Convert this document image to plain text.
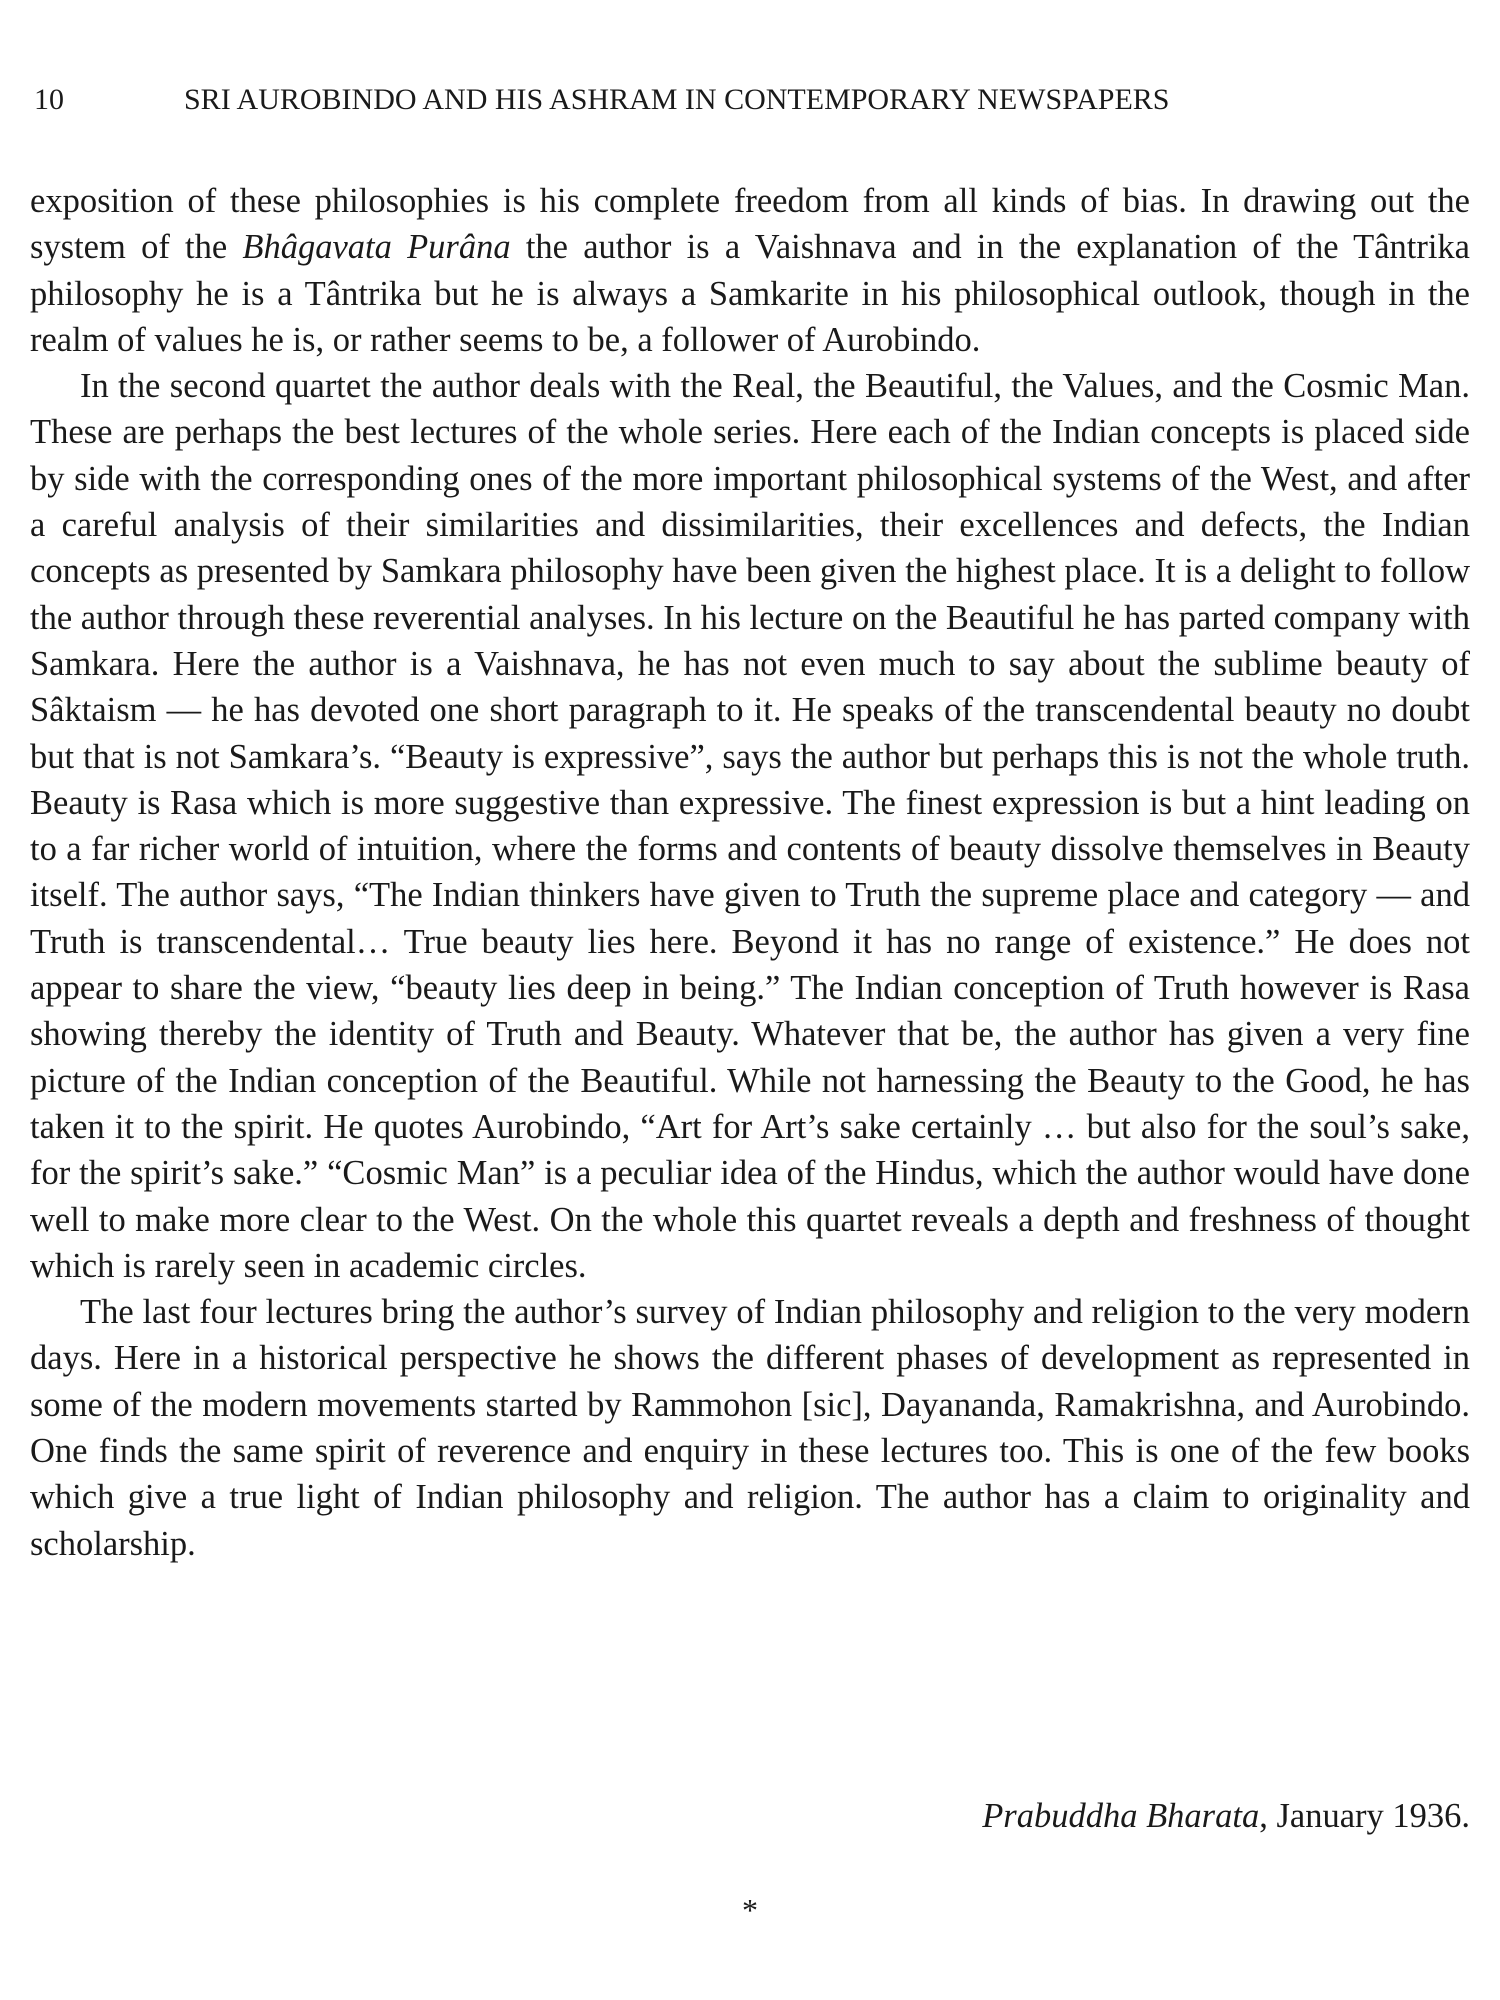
10	SRI AUROBINDO AND HIS ASHRAM IN CONTEMPORARY NEWSPAPERS

exposition of these philosophies is his complete freedom from all kinds of bias. In drawing out the system of the Bhâgavata Purâna the author is a Vaishnava and in the explanation of the Tântrika philosophy he is a Tântrika but he is always a Samkarite in his philosophical outlook, though in the realm of values he is, or rather seems to be, a follower of Aurobindo.

In the second quartet the author deals with the Real, the Beautiful, the Values, and the Cosmic Man. These are perhaps the best lectures of the whole series. Here each of the Indian concepts is placed side by side with the corresponding ones of the more important philosophical systems of the West, and after a careful analysis of their similarities and dissimilarities, their excellences and defects, the Indian concepts as presented by Samkara philosophy have been given the highest place. It is a delight to follow the author through these reverential analyses. In his lecture on the Beautiful he has parted company with Samkara. Here the author is a Vaishnava, he has not even much to say about the sublime beauty of Sâktaism — he has devoted one short paragraph to it. He speaks of the transcendental beauty no doubt but that is not Samkara’s. “Beauty is expressive”, says the author but perhaps this is not the whole truth. Beauty is Rasa which is more suggestive than expressive. The finest expression is but a hint leading on to a far richer world of intuition, where the forms and contents of beauty dissolve themselves in Beauty itself. The author says, “The Indian thinkers have given to Truth the supreme place and category — and Truth is transcendental… True beauty lies here. Beyond it has no range of existence.” He does not appear to share the view, “beauty lies deep in being.” The Indian conception of Truth however is Rasa showing thereby the identity of Truth and Beauty. Whatever that be, the author has given a very fine picture of the Indian conception of the Beautiful. While not harnessing the Beauty to the Good, he has taken it to the spirit. He quotes Aurobindo, “Art for Art’s sake certainly … but also for the soul’s sake, for the spirit’s sake.” “Cosmic Man” is a peculiar idea of the Hindus, which the author would have done well to make more clear to the West. On the whole this quartet reveals a depth and freshness of thought which is rarely seen in academic circles.

The last four lectures bring the author’s survey of Indian philosophy and religion to the very modern days. Here in a historical perspective he shows the different phases of development as represented in some of the modern movements started by Rammohon [sic], Dayananda, Ramakrishna, and Aurobindo. One finds the same spirit of reverence and enquiry in these lectures too. This is one of the few books which give a true light of Indian philosophy and religion. The author has a claim to originality and scholarship.

Prabuddha Bharata, January 1936.
*
